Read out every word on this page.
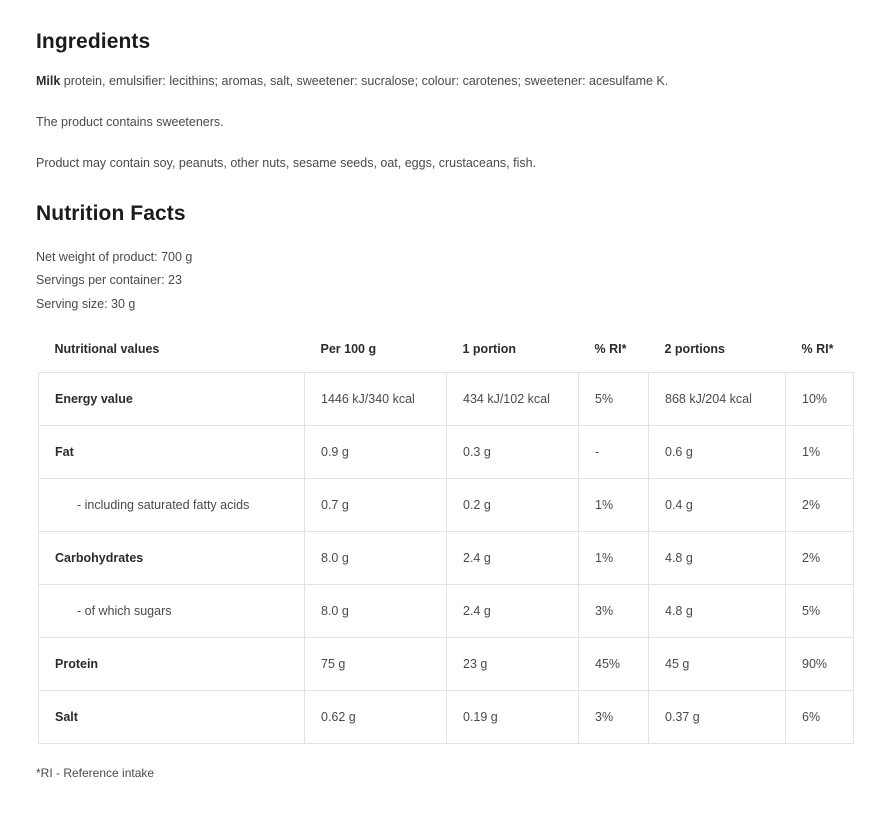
Ingredients

Milk protein, emulsifier: lecithins; aromas, salt, sweetener: sucralose; colour: carotenes; sweetener: acesulfame K.

The product contains sweeteners.

Product may contain soy, peanuts, other nuts, sesame seeds, oat, eggs, crustaceans, fish.

Nutrition Facts
Net weight of product: 700 g
Servings per container: 23
Serving size: 30 g
Nutritional values	Per 100 g	1 portion	% RI*	2 portions	% RI*
Energy value	1446 kJ/340 kcal	434 kJ/102 kcal	5%	868 kJ/204 kcal	10%
Fat	0.9 g	0.3 g	-	0.6 g	1%
- including saturated fatty acids	0.7 g	0.2 g	1%	0.4 g	2%
Carbohydrates	8.0 g	2.4 g	1%	4.8 g	2%
- of which sugars	8.0 g	2.4 g	3%	4.8 g	5%
Protein	75 g	23 g	45%	45 g	90%
Salt	0.62 g	0.19 g	3%	0.37 g	6%
*RI - Reference intake
